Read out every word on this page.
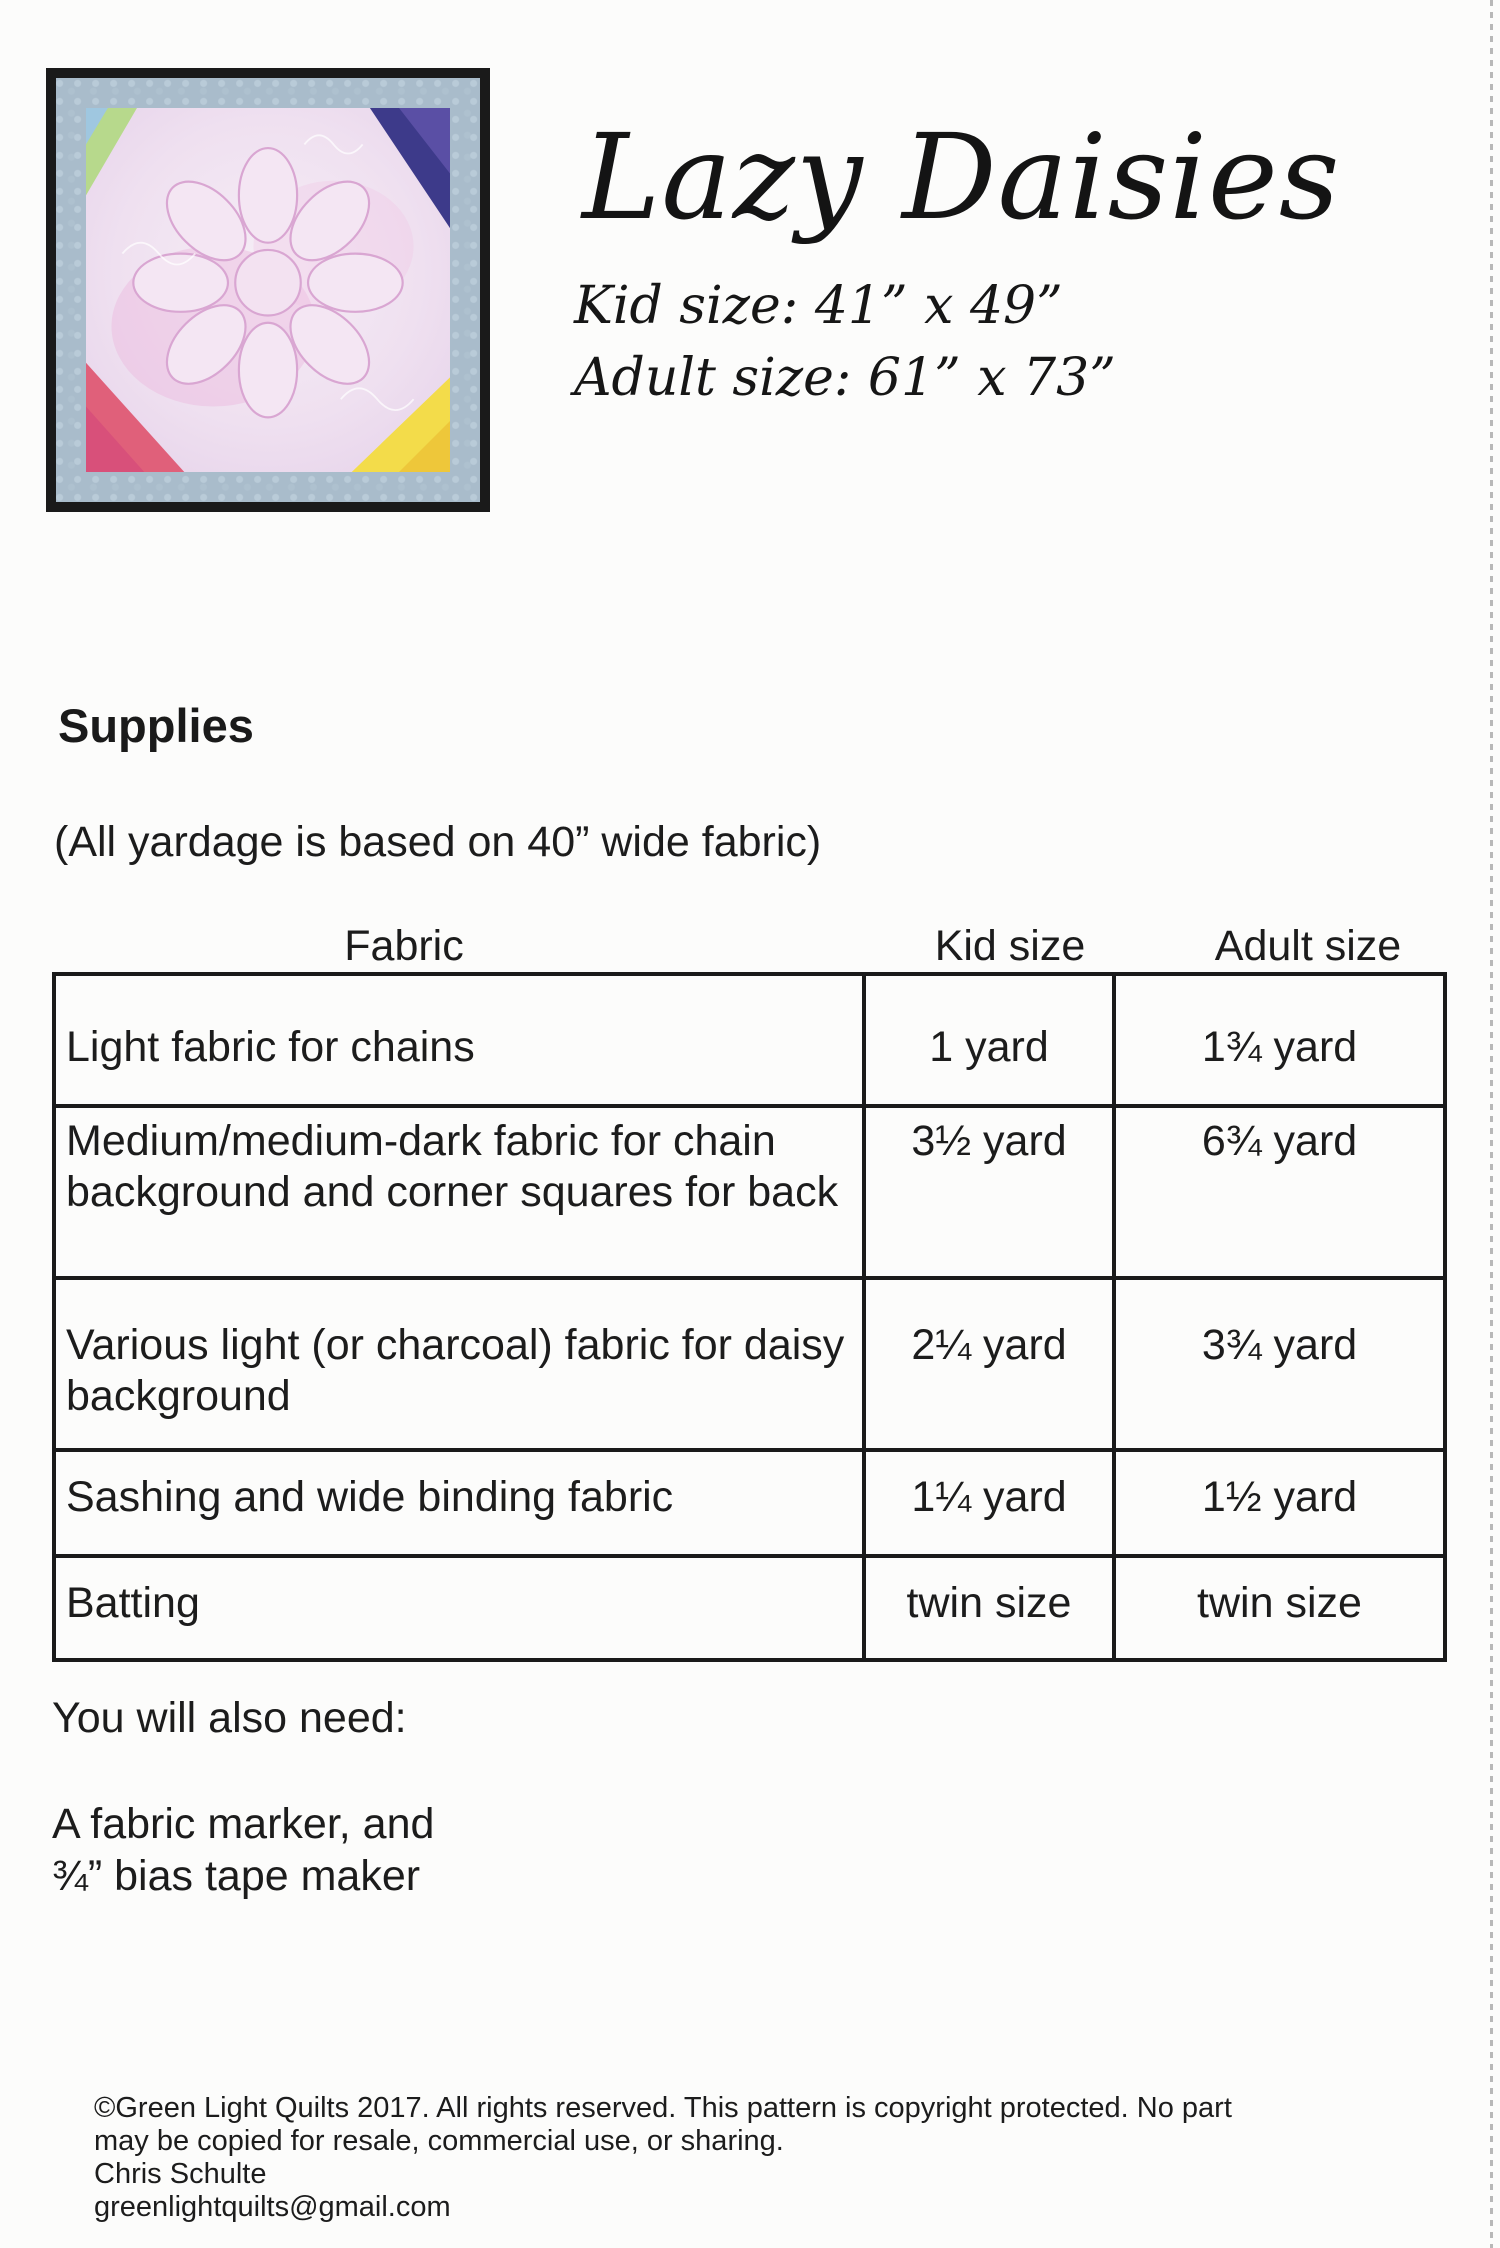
Lazy Daisies
Kid size: 41” x 49”
Adult size: 61” x 73”
Supplies
(All yardage is based on 40” wide fabric)
Fabric	Kid size	Adult size
Light fabric for chains	1 yard	1¾ yard
Medium/medium-dark fabric for chain background and corner squares for back	3½ yard	6¾ yard
Various light (or charcoal) fabric for daisy background	2¼ yard	3¾ yard
Sashing and wide binding fabric	1¼ yard	1½ yard
Batting	twin size	twin size
You will also need:
A fabric marker, and
¾” bias tape maker
©Green Light Quilts 2017. All rights reserved. This pattern is copyright protected. No part
may be copied for resale, commercial use, or sharing.
Chris Schulte
greenlightquilts@gmail.com
